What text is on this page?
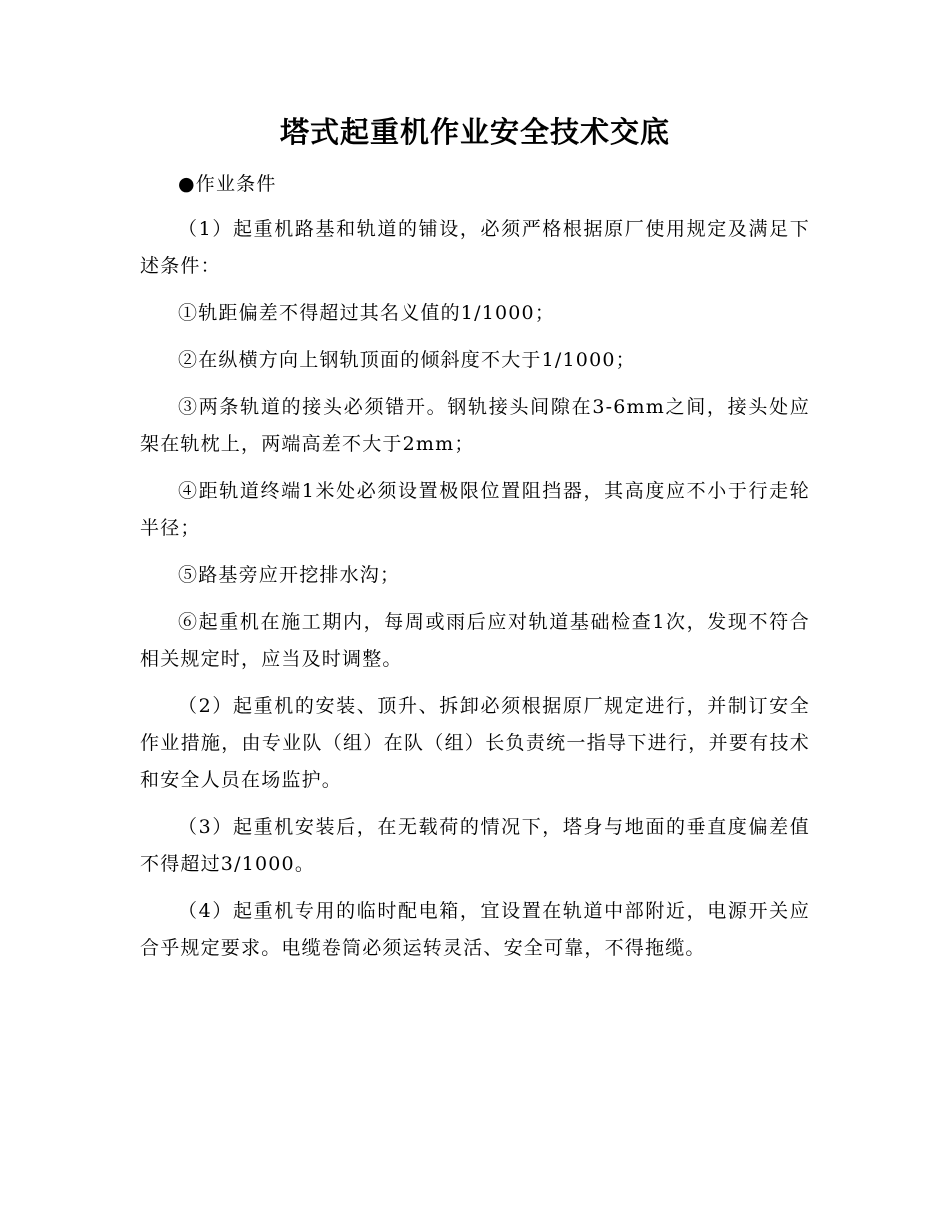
塔式起重机作业安全技术交底

●作业条件

（1）起重机路基和轨道的铺设，必须严格根据原厂使用规定及满足下述条件：

①轨距偏差不得超过其名义值的1/1000；

②在纵横方向上钢轨顶面的倾斜度不大于1/1000；

③两条轨道的接头必须错开。钢轨接头间隙在3-6mm之间，接头处应架在轨枕上，两端高差不大于2mm；

④距轨道终端1米处必须设置极限位置阻挡器，其高度应不小于行走轮半径；

⑤路基旁应开挖排水沟；

⑥起重机在施工期内，每周或雨后应对轨道基础检查1次，发现不符合相关规定时，应当及时调整。

（2）起重机的安装、顶升、拆卸必须根据原厂规定进行，并制订安全作业措施，由专业队（组）在队（组）长负责统一指导下进行，并要有技术和安全人员在场监护。

（3）起重机安装后，在无载荷的情况下，塔身与地面的垂直度偏差值不得超过3/1000。

（4）起重机专用的临时配电箱，宜设置在轨道中部附近，电源开关应合乎规定要求。电缆卷筒必须运转灵活、安全可靠，不得拖缆。
